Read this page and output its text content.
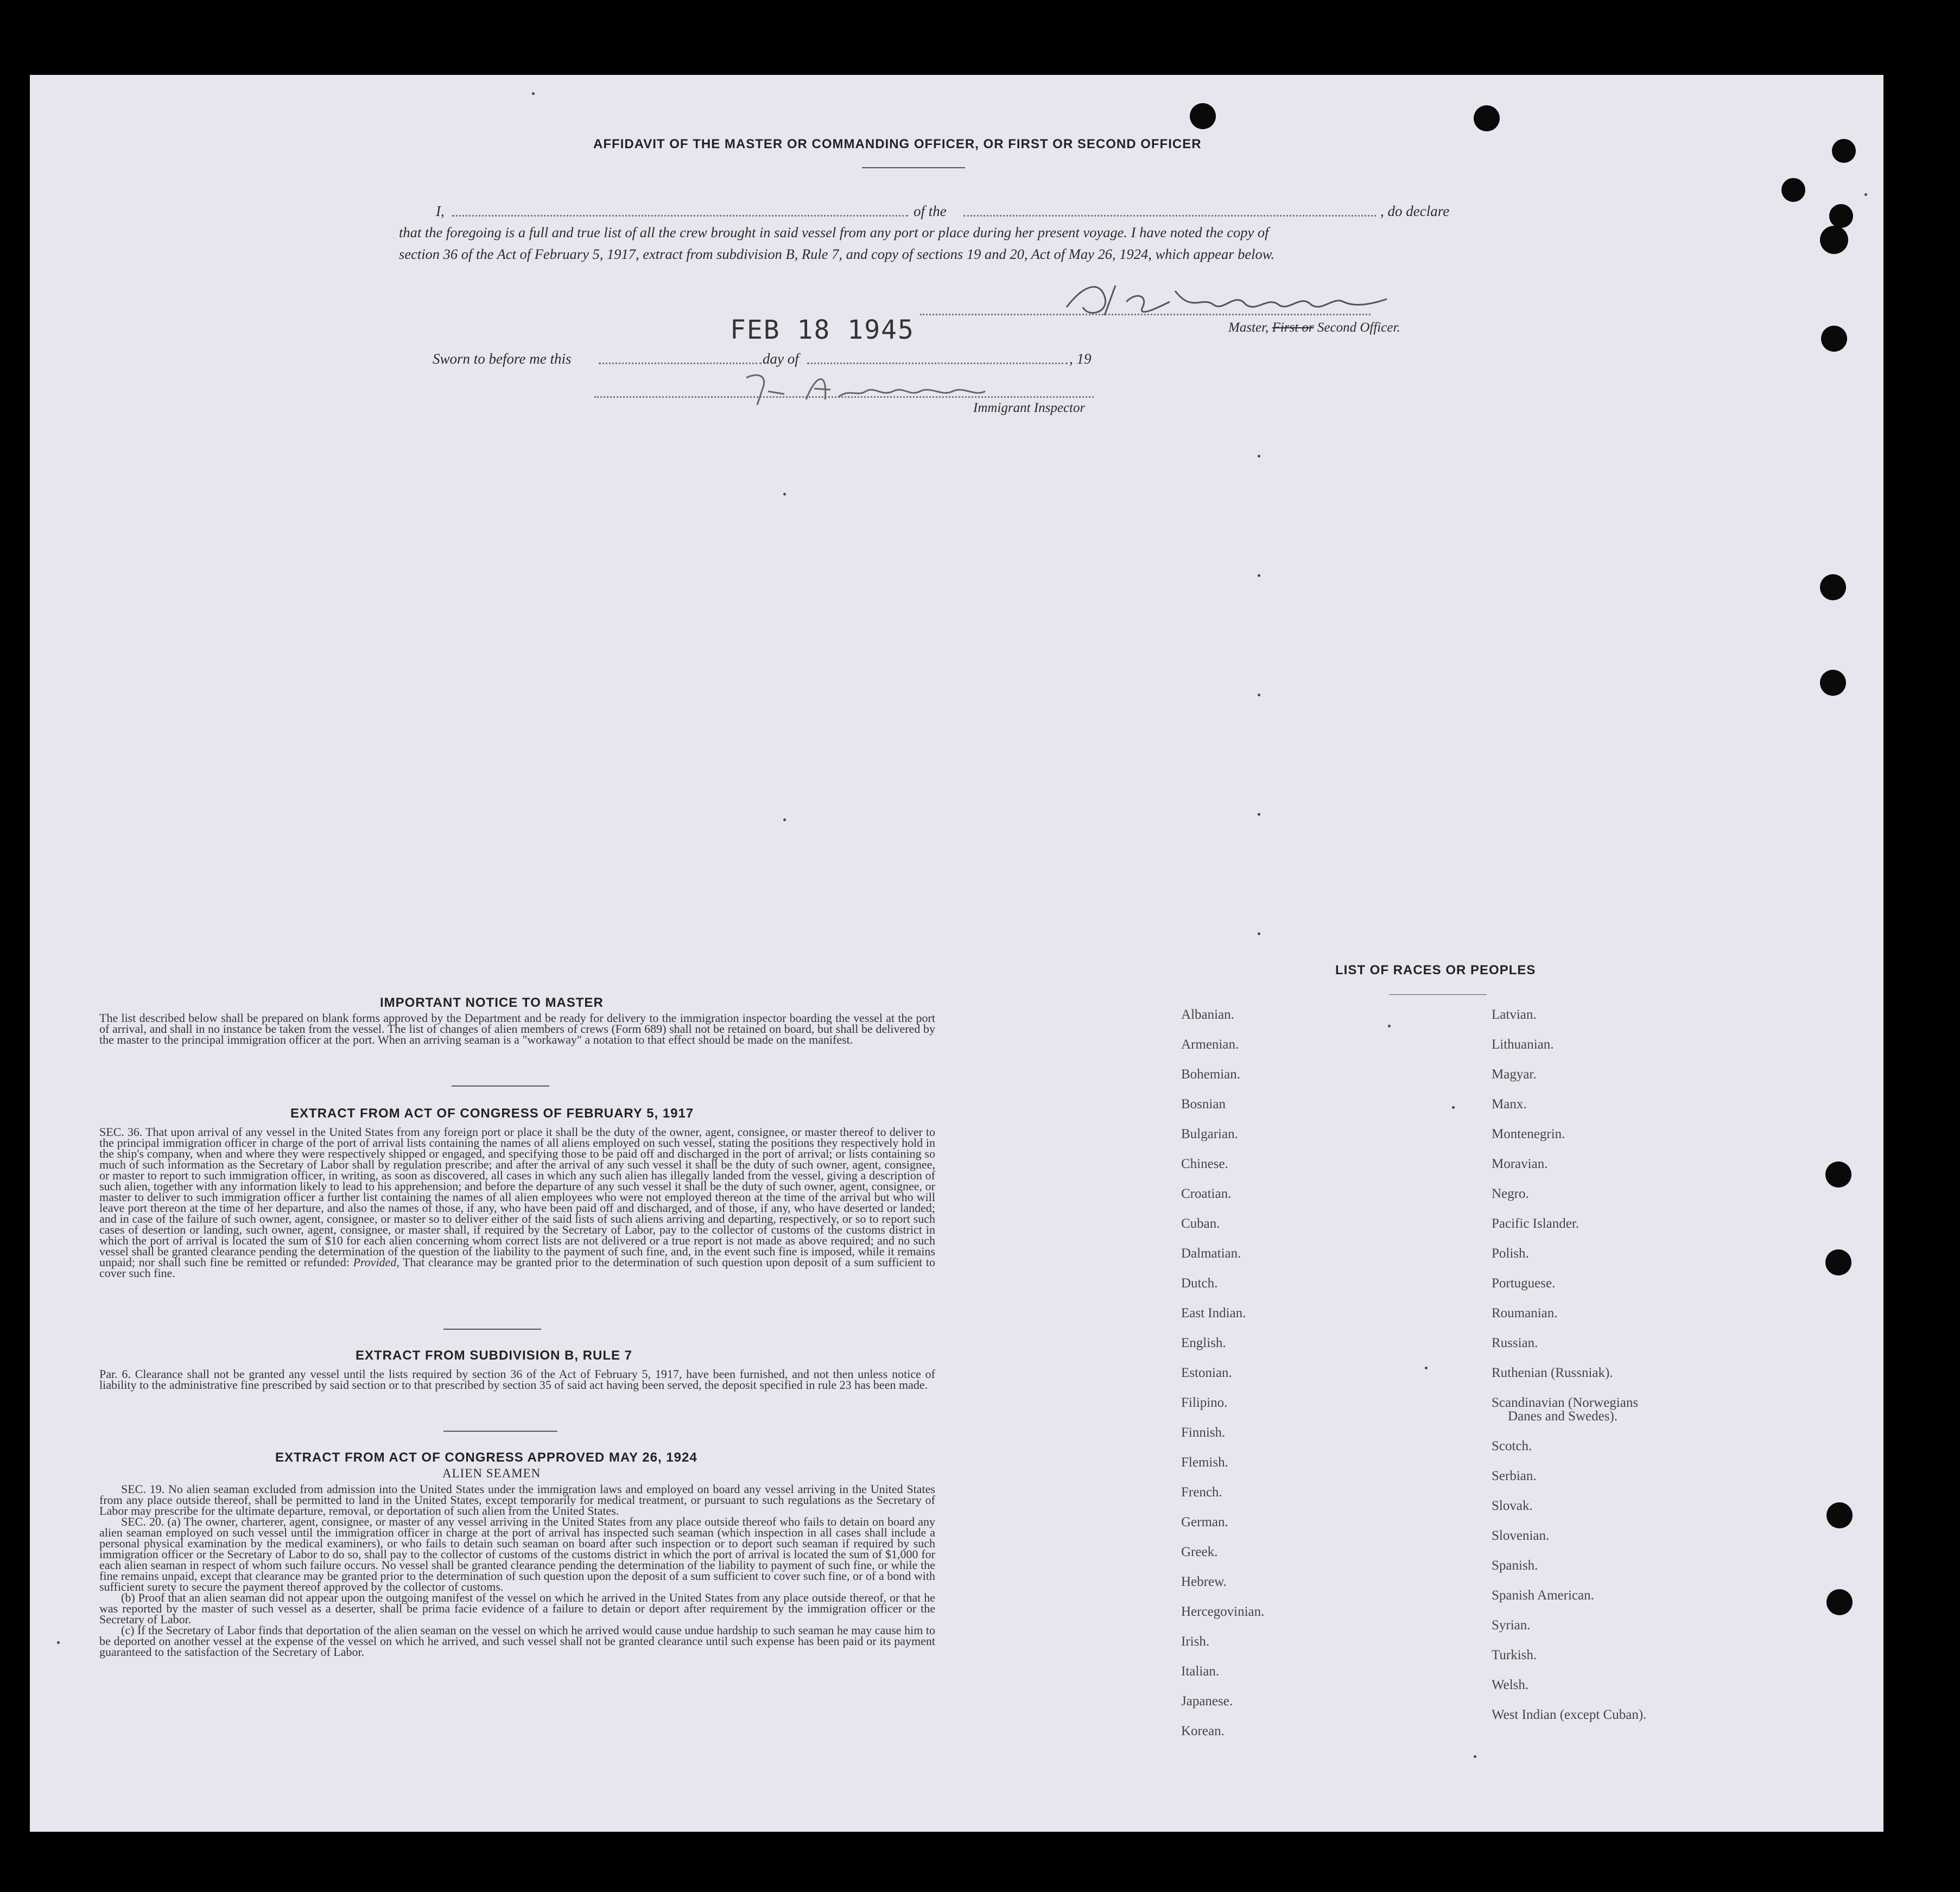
AFFIDAVIT OF THE MASTER OR COMMANDING OFFICER, OR FIRST OR SECOND OFFICER
I,	of the	, do declare
that the foregoing is a full and true list of all the crew brought in said vessel from any port or place during her present voyage. I have noted the copy of
section 36 of the Act of February 5, 1917, extract from subdivision B, Rule 7, and copy of sections 19 and 20, Act of May 26, 1924, which appear below.
Master, First or Second Officer.
FEB 18 1945
Sworn to before me this	day of	, 19
Immigrant Inspector
IMPORTANT NOTICE TO MASTER
The list described below shall be prepared on blank forms approved by the Department and be ready for delivery to the immigration inspector boarding the vessel at the port of arrival, and shall in no instance be taken from the vessel. The list of changes of alien members of crews (Form 689) shall not be retained on board, but shall be delivered by the master to the principal immigration officer at the port. When an arriving seaman is a "workaway" a notation to that effect should be made on the manifest.
EXTRACT FROM ACT OF CONGRESS OF FEBRUARY 5, 1917
SEC. 36. That upon arrival of any vessel in the United States from any foreign port or place it shall be the duty of the owner, agent, consignee, or master thereof to deliver to the principal immigration officer in charge of the port of arrival lists containing the names of all aliens employed on such vessel, stating the positions they respectively hold in the ship's company, when and where they were respectively shipped or engaged, and specifying those to be paid off and discharged in the port of arrival; or lists containing so much of such information as the Secretary of Labor shall by regulation prescribe; and after the arrival of any such vessel it shall be the duty of such owner, agent, consignee, or master to report to such immigration officer, in writing, as soon as discovered, all cases in which any such alien has illegally landed from the vessel, giving a description of such alien, together with any information likely to lead to his apprehension; and before the departure of any such vessel it shall be the duty of such owner, agent, consignee, or master to deliver to such immigration officer a further list containing the names of all alien employees who were not employed thereon at the time of the arrival but who will leave port thereon at the time of her departure, and also the names of those, if any, who have been paid off and discharged, and of those, if any, who have deserted or landed; and in case of the failure of such owner, agent, consignee, or master so to deliver either of the said lists of such aliens arriving and departing, respectively, or so to report such cases of desertion or landing, such owner, agent, consignee, or master shall, if required by the Secretary of Labor, pay to the collector of customs of the customs district in which the port of arrival is located the sum of $10 for each alien concerning whom correct lists are not delivered or a true report is not made as above required; and no such vessel shall be granted clearance pending the determination of the question of the liability to the payment of such fine, and, in the event such fine is imposed, while it remains unpaid; nor shall such fine be remitted or refunded: Provided, That clearance may be granted prior to the determination of such question upon deposit of a sum sufficient to cover such fine.
EXTRACT FROM SUBDIVISION B, RULE 7
Par. 6. Clearance shall not be granted any vessel until the lists required by section 36 of the Act of February 5, 1917, have been furnished, and not then unless notice of liability to the administrative fine prescribed by said section or to that prescribed by section 35 of said act having been served, the deposit specified in rule 23 has been made.
EXTRACT FROM ACT OF CONGRESS APPROVED MAY 26, 1924
ALIEN SEAMEN
SEC. 19. No alien seaman excluded from admission into the United States under the immigration laws and employed on board any vessel arriving in the United States from any place outside thereof, shall be permitted to land in the United States, except temporarily for medical treatment, or pursuant to such regulations as the Secretary of Labor may prescribe for the ultimate departure, removal, or deportation of such alien from the United States.
SEC. 20. (a) The owner, charterer, agent, consignee, or master of any vessel arriving in the United States from any place outside thereof who fails to detain on board any alien seaman employed on such vessel until the immigration officer in charge at the port of arrival has inspected such seaman (which inspection in all cases shall include a personal physical examination by the medical examiners), or who fails to detain such seaman on board after such inspection or to deport such seaman if required by such immigration officer or the Secretary of Labor to do so, shall pay to the collector of customs of the customs district in which the port of arrival is located the sum of $1,000 for each alien seaman in respect of whom such failure occurs. No vessel shall be granted clearance pending the determination of the liability to payment of such fine, or while the fine remains unpaid, except that clearance may be granted prior to the determination of such question upon the deposit of a sum sufficient to cover such fine, or of a bond with sufficient surety to secure the payment thereof approved by the collector of customs.
(b) Proof that an alien seaman did not appear upon the outgoing manifest of the vessel on which he arrived in the United States from any place outside thereof, or that he was reported by the master of such vessel as a deserter, shall be prima facie evidence of a failure to detain or deport after requirement by the immigration officer or the Secretary of Labor.
(c) If the Secretary of Labor finds that deportation of the alien seaman on the vessel on which he arrived would cause undue hardship to such seaman he may cause him to be deported on another vessel at the expense of the vessel on which he arrived, and such vessel shall not be granted clearance until such expense has been paid or its payment guaranteed to the satisfaction of the Secretary of Labor.
LIST OF RACES OR PEOPLES
Albanian.
Armenian.
Bohemian.
Bosnian
Bulgarian.
Chinese.
Croatian.
Cuban.
Dalmatian.
Dutch.
East Indian.
English.
Estonian.
Filipino.
Finnish.
Flemish.
French.
German.
Greek.
Hebrew.
Hercegovinian.
Irish.
Italian.
Japanese.
Korean.
Latvian.
Lithuanian.
Magyar.
Manx.
Montenegrin.
Moravian.
Negro.
Pacific Islander.
Polish.
Portuguese.
Roumanian.
Russian.
Ruthenian (Russniak).
Scandinavian (Norwegians
Danes and Swedes).
Scotch.
Serbian.
Slovak.
Slovenian.
Spanish.
Spanish American.
Syrian.
Turkish.
Welsh.
West Indian (except Cuban).
